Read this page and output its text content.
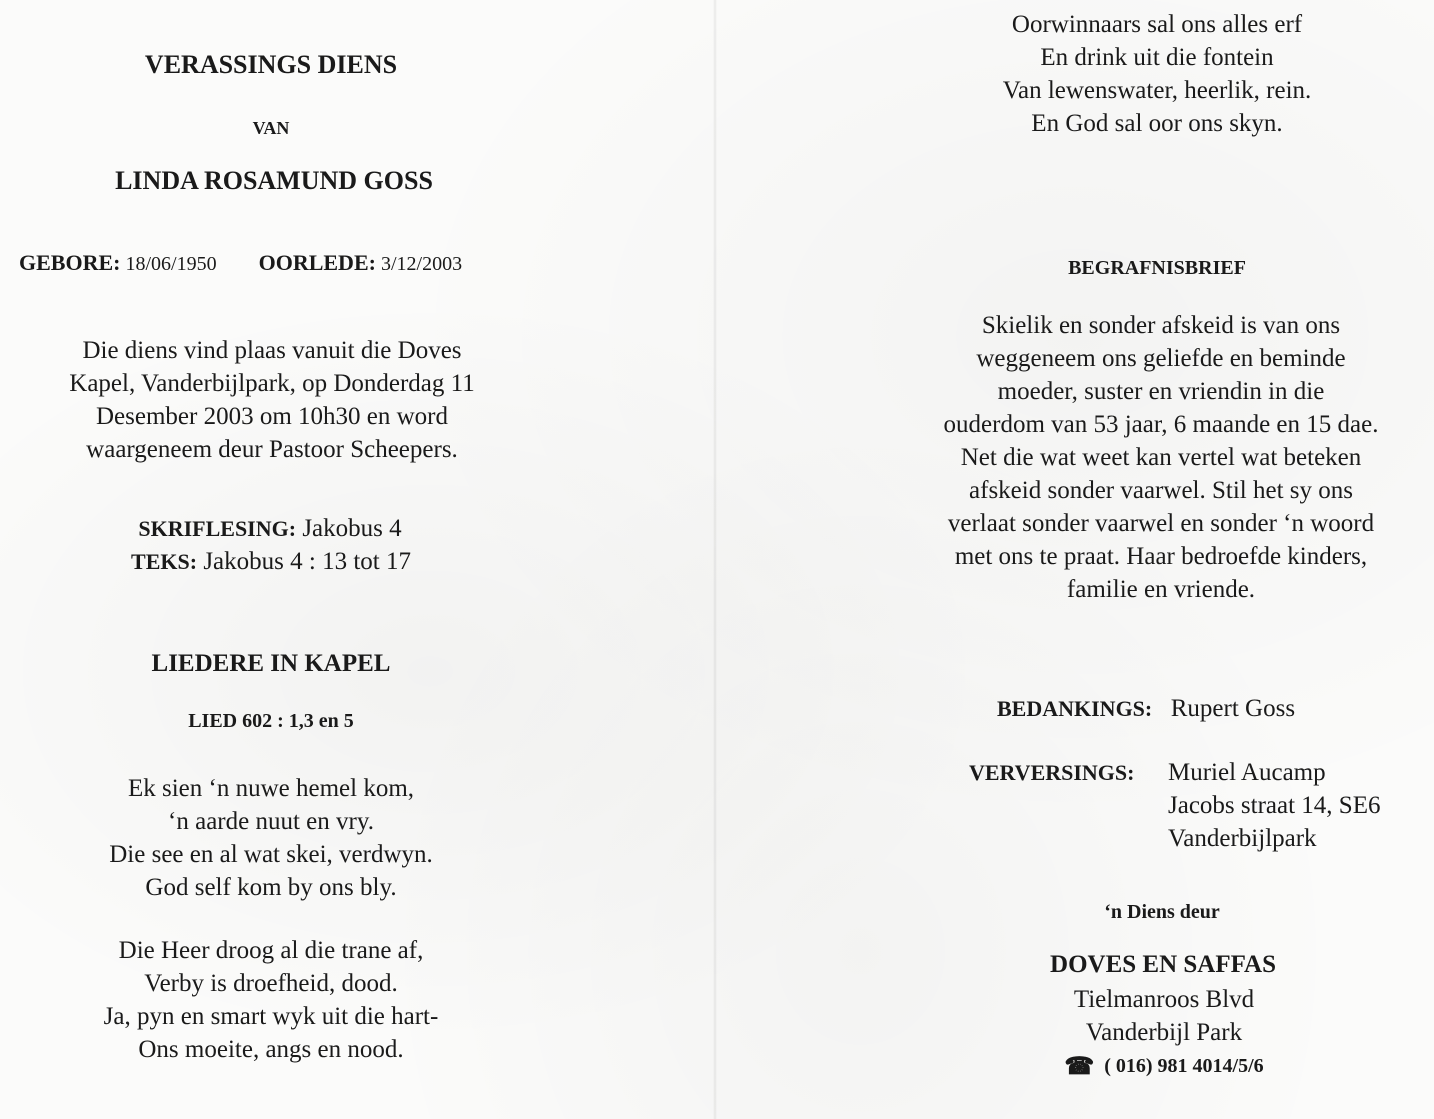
VERASSINGS DIENS
VAN
LINDA ROSAMUND GOSS
GEBORE: 18/06/1950 OORLEDE: 3/12/2003
Die diens vind plaas vanuit die Doves
Kapel, Vanderbijlpark, op Donderdag 11
Desember 2003 om 10h30 en word
waargeneem deur Pastoor Scheepers.
SKRIFLESING: Jakobus 4
TEKS: Jakobus 4 : 13 tot 17
LIEDERE IN KAPEL
LIED 602 : 1,3 en 5
Ek sien ‘n nuwe hemel kom,
‘n aarde nuut en vry.
Die see en al wat skei, verdwyn.
God self kom by ons bly.
Die Heer droog al die trane af,
Verby is droefheid, dood.
Ja, pyn en smart wyk uit die hart-
Ons moeite, angs en nood.
Oorwinnaars sal ons alles erf
En drink uit die fontein
Van lewenswater, heerlik, rein.
En God sal oor ons skyn.
BEGRAFNISBRIEF
Skielik en sonder afskeid is van ons
weggeneem ons geliefde en beminde
moeder, suster en vriendin in die
ouderdom van 53 jaar, 6 maande en 15 dae.
Net die wat weet kan vertel wat beteken
afskeid sonder vaarwel. Stil het sy ons
verlaat sonder vaarwel en sonder ‘n woord
met ons te praat. Haar bedroefde kinders,
familie en vriende.
BEDANKINGS: Rupert Goss
VERVERSINGS: Muriel Aucamp
Jacobs straat 14, SE6
Vanderbijlpark
‘n Diens deur
DOVES EN SAFFAS
Tielmanroos Blvd
Vanderbijl Park
☎ ( 016) 981 4014/5/6
